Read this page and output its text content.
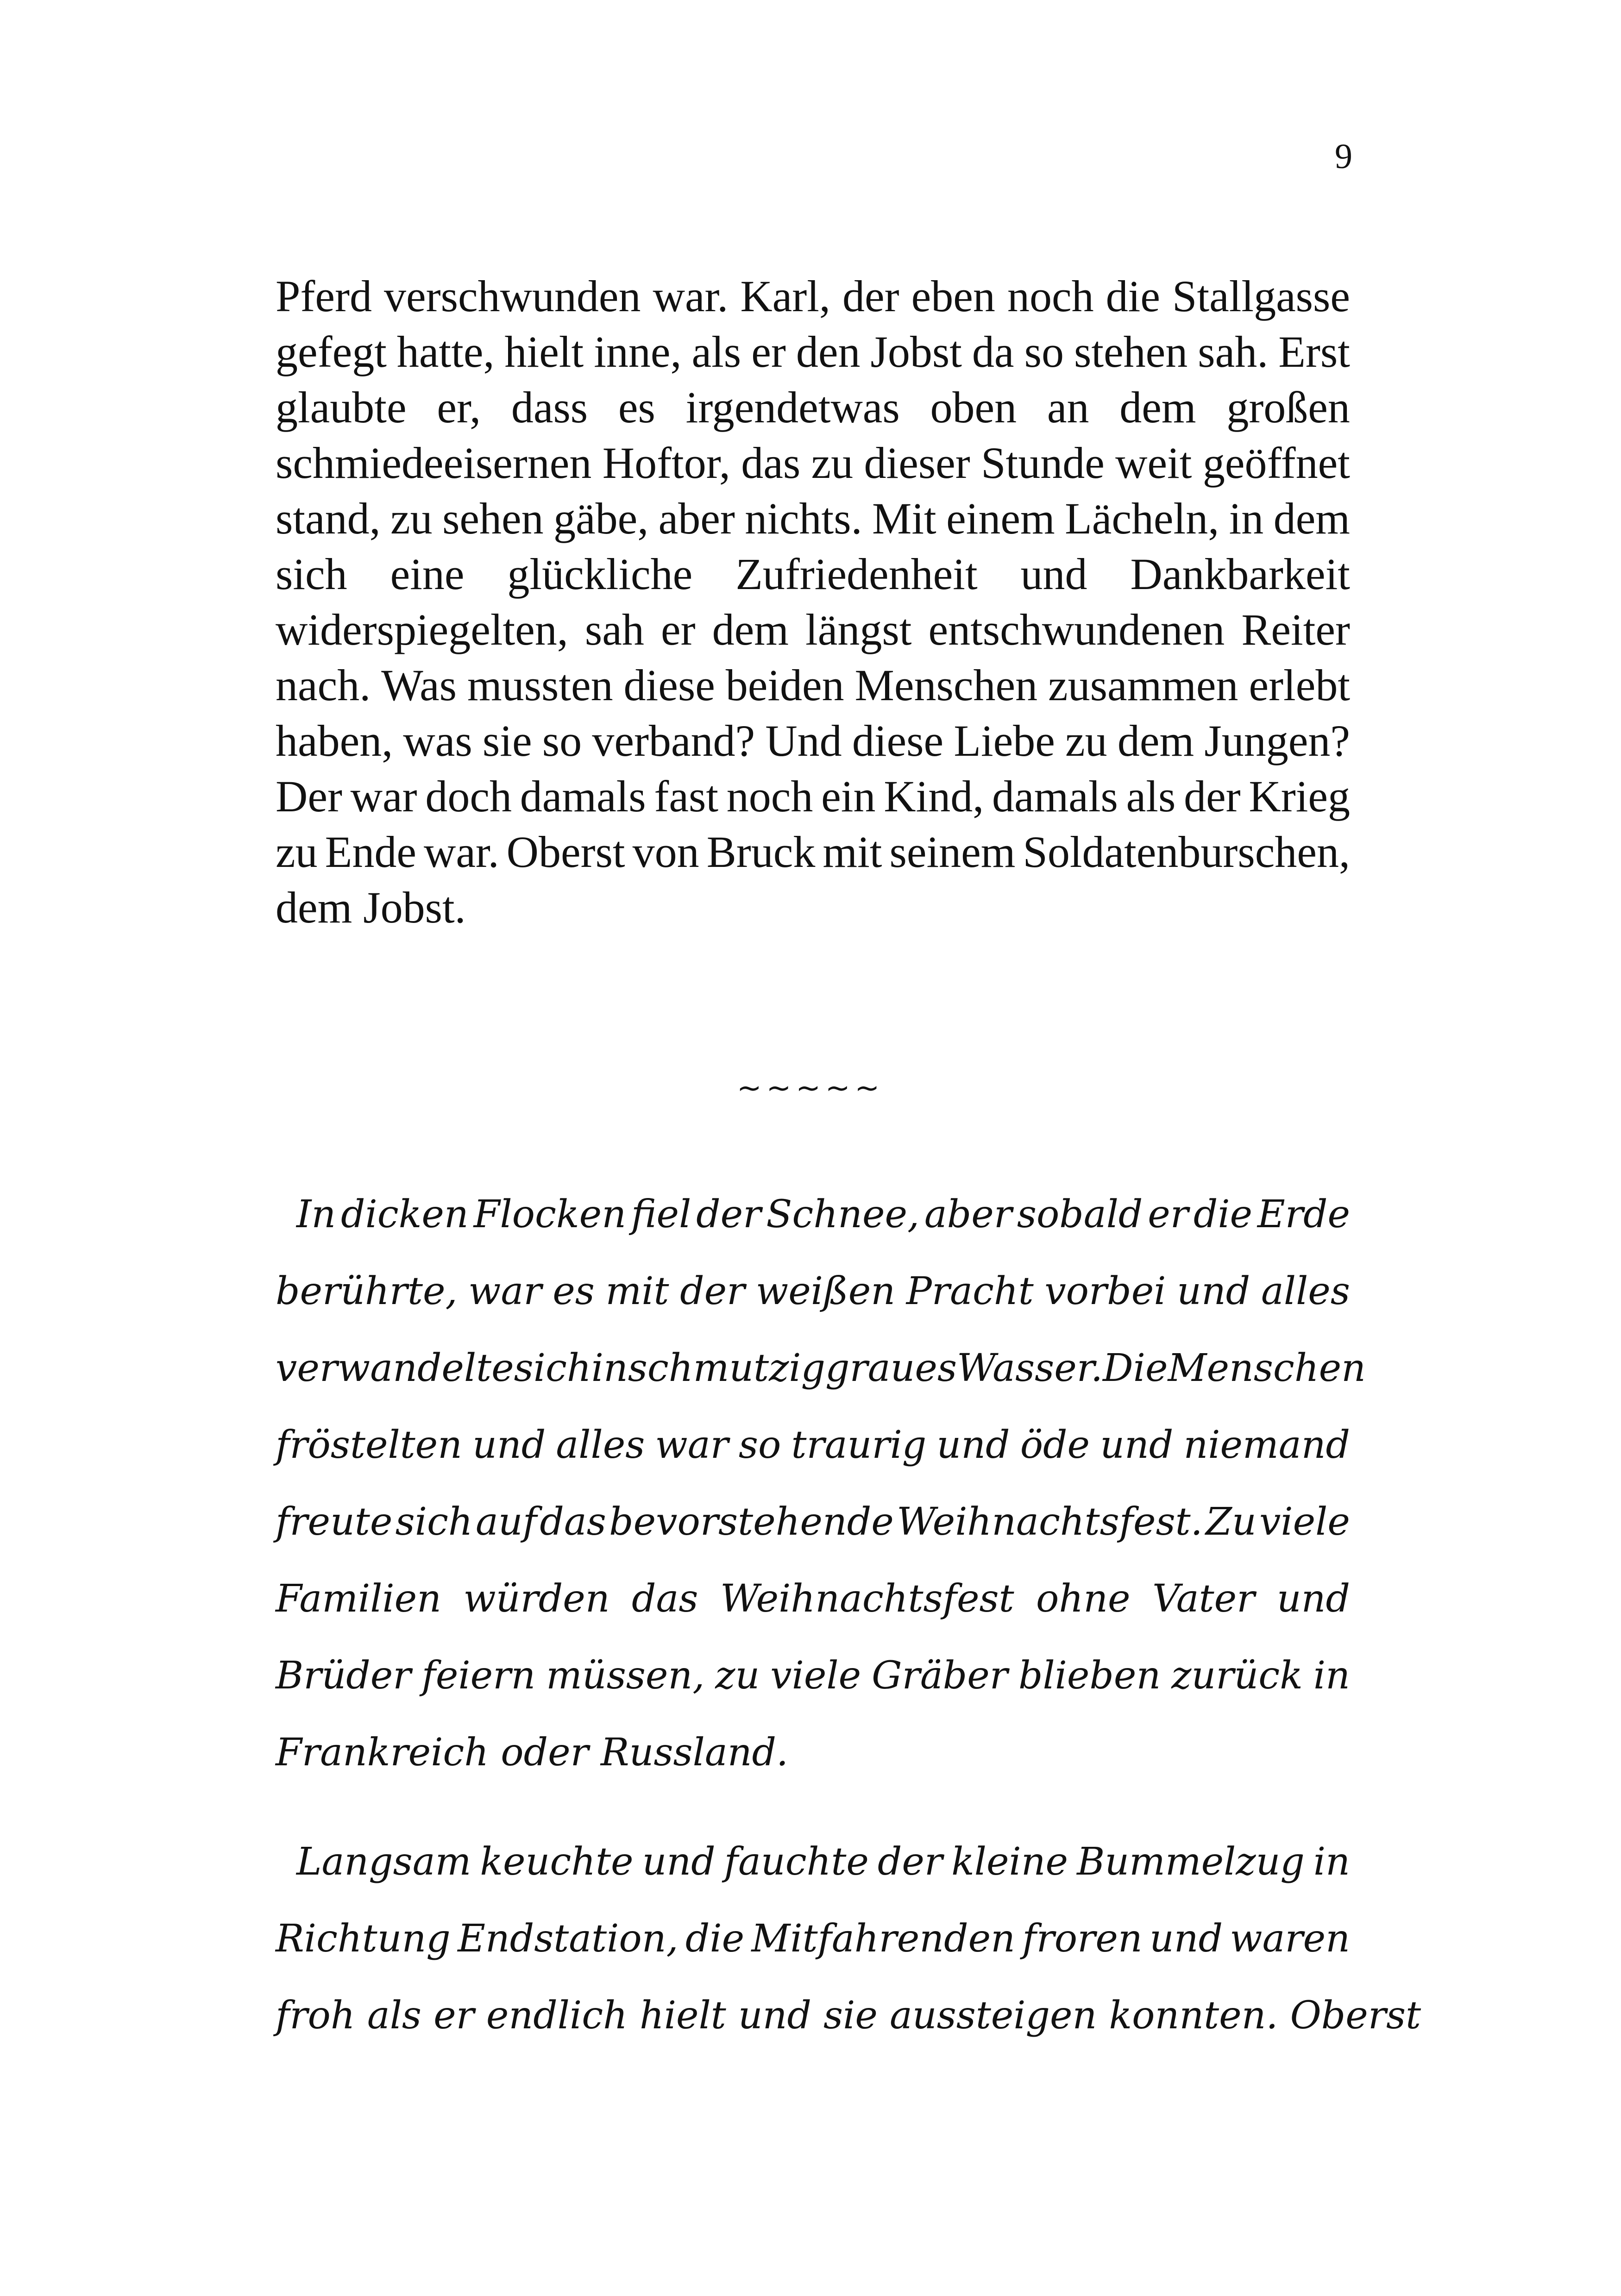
9
Pferd verschwunden war. Karl, der eben noch die Stallgasse
gefegt hatte, hielt inne, als er den Jobst da so stehen sah. Erst
glaubte er, dass es irgendetwas oben an dem großen
schmiedeeisernen Hoftor, das zu dieser Stunde weit geöffnet
stand, zu sehen gäbe, aber nichts. Mit einem Lächeln, in dem
sich eine glückliche Zufriedenheit und Dankbarkeit
widerspiegelten, sah er dem längst entschwundenen Reiter
nach. Was mussten diese beiden Menschen zusammen erlebt
haben, was sie so verband? Und diese Liebe zu dem Jungen?
Der war doch damals fast noch ein Kind, damals als der Krieg
zu Ende war. Oberst von Bruck mit seinem Soldatenburschen,
dem Jobst.
~~~~~
In dicken Flocken fiel der Schnee, aber sobald er die Erde
berührte, war es mit der weißen Pracht vorbei und alles
verwandelte sich in schmutziggraues Wasser. Die Menschen
fröstelten und alles war so traurig und öde und niemand
freute sich auf das bevorstehende Weihnachtsfest. Zu viele
Familien würden das Weihnachtsfest ohne Vater und
Brüder feiern müssen, zu viele Gräber blieben zurück in
Frankreich oder Russland.
Langsam keuchte und fauchte der kleine Bummelzug in
Richtung Endstation, die Mitfahrenden froren und waren
froh als er endlich hielt und sie aussteigen konnten. Oberst
